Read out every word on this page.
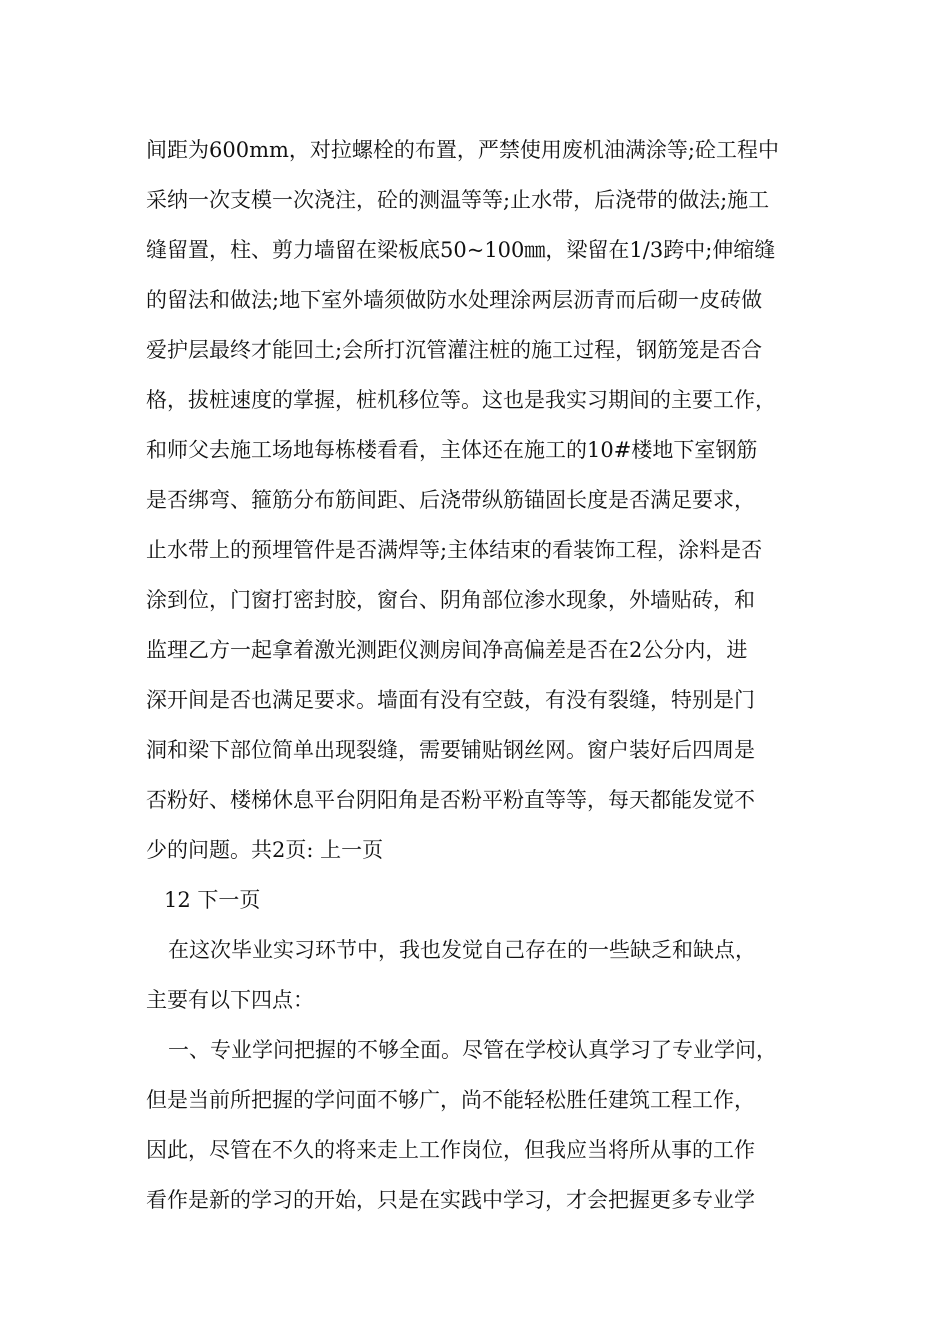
间距为600mm，对拉螺栓的布置，严禁使用废机油满涂等;砼工程中
采纳一次支模一次浇注，砼的测温等等;止水带，后浇带的做法;施工
缝留置，柱、剪力墙留在梁板底50~100㎜，梁留在1/3跨中;伸缩缝
的留法和做法;地下室外墙须做防水处理涂两层沥青而后砌一皮砖做
爱护层最终才能回土;会所打沉管灌注桩的施工过程，钢筋笼是否合
格，拔桩速度的掌握，桩机移位等。这也是我实习期间的主要工作，
和师父去施工场地每栋楼看看，主体还在施工的10#楼地下室钢筋
是否绑弯、箍筋分布筋间距、后浇带纵筋锚固长度是否满足要求，
止水带上的预埋管件是否满焊等;主体结束的看装饰工程，涂料是否
涂到位，门窗打密封胶，窗台、阴角部位渗水现象，外墙贴砖，和
监理乙方一起拿着激光测距仪测房间净高偏差是否在2公分内，进
深开间是否也满足要求。墙面有没有空鼓，有没有裂缝，特别是门
洞和梁下部位简单出现裂缝，需要铺贴钢丝网。窗户装好后四周是
否粉好、楼梯休息平台阴阳角是否粉平粉直等等，每天都能发觉不
少的问题。共2页: 上一页
12 下一页
在这次毕业实习环节中，我也发觉自己存在的一些缺乏和缺点，
主要有以下四点：
一、专业学问把握的不够全面。尽管在学校认真学习了专业学问，
但是当前所把握的学问面不够广，尚不能轻松胜任建筑工程工作，
因此，尽管在不久的将来走上工作岗位，但我应当将所从事的工作
看作是新的学习的开始，只是在实践中学习，才会把握更多专业学
